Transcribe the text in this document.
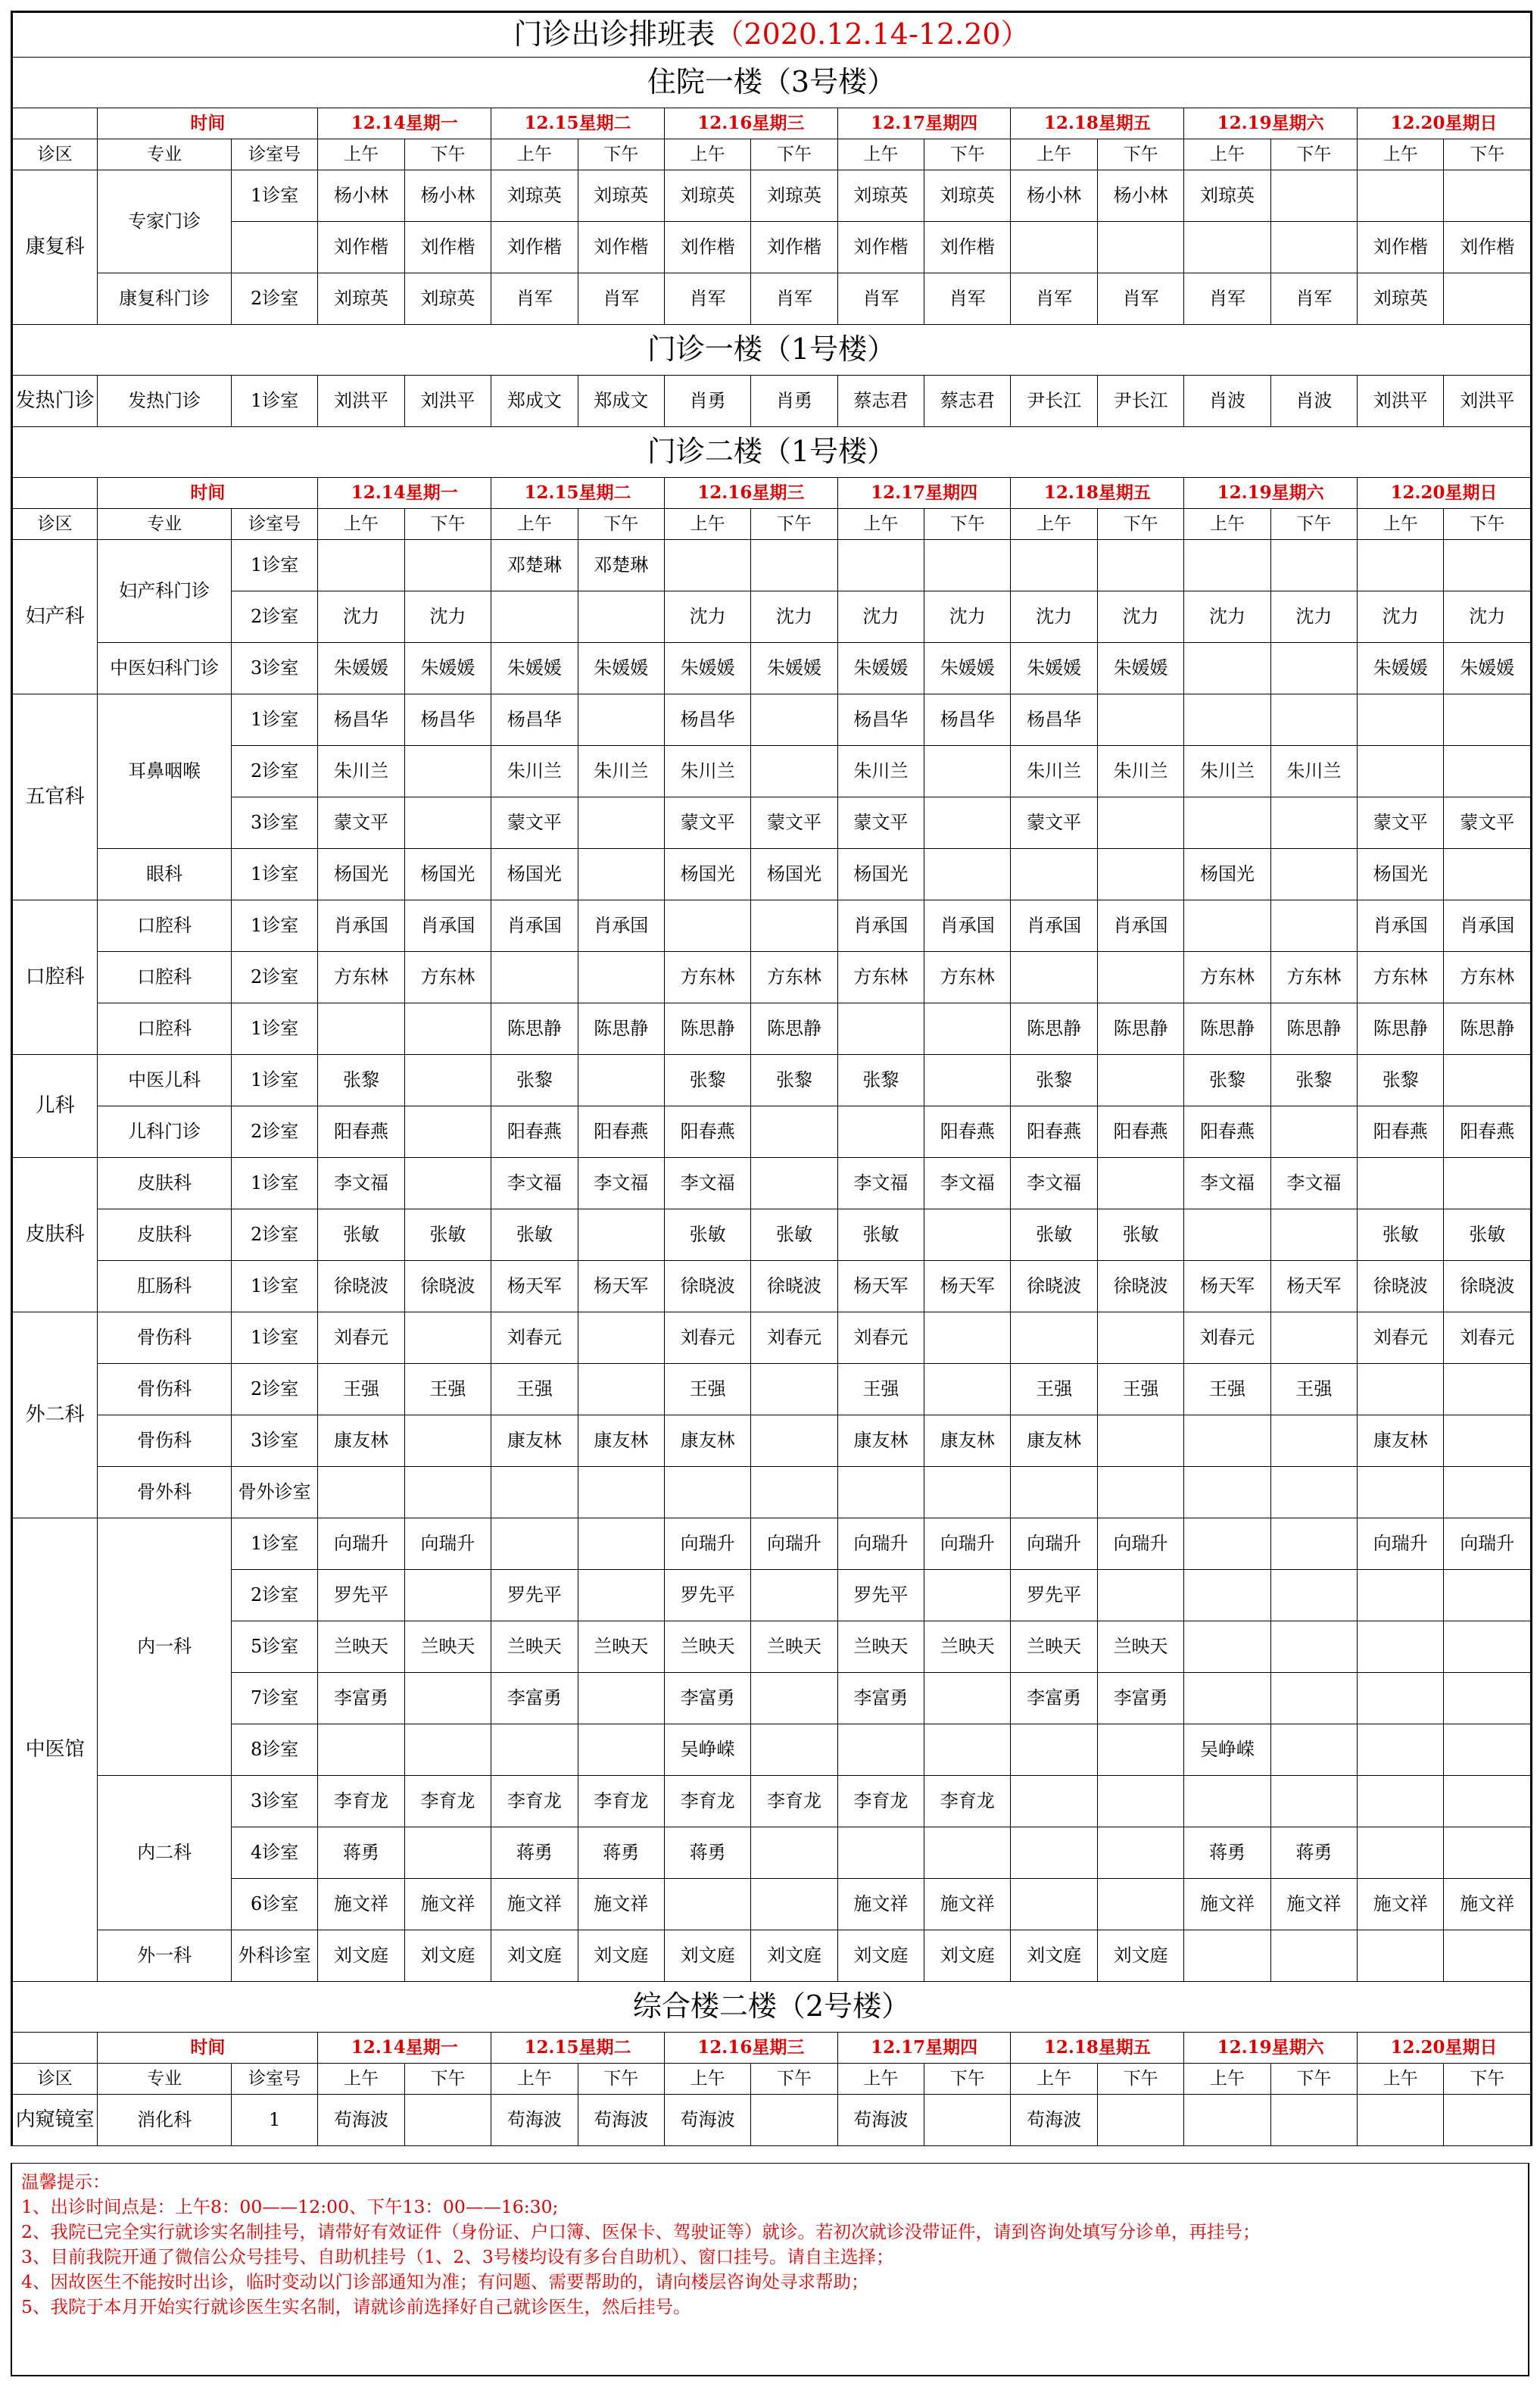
门诊出诊排班表（2020.12.14-12.20）																
住院一楼（3号楼）																
	时间		12.14星期一		12.15星期二		12.16星期三		12.17星期四		12.18星期五		12.19星期六		12.20星期日	
诊区	专业	诊室号	上午	下午	上午	下午	上午	下午	上午	下午	上午	下午	上午	下午	上午	下午
康复科	专家门诊	1诊室	杨小林	杨小林	刘琼英	刘琼英	刘琼英	刘琼英	刘琼英	刘琼英	杨小林	杨小林	刘琼英			
			刘作楷	刘作楷	刘作楷	刘作楷	刘作楷	刘作楷	刘作楷	刘作楷					刘作楷	刘作楷
	康复科门诊	2诊室	刘琼英	刘琼英	肖军	肖军	肖军	肖军	肖军	肖军	肖军	肖军	肖军	肖军	刘琼英	
门诊一楼（1号楼）																
发热门诊	发热门诊	1诊室	刘洪平	刘洪平	郑成文	郑成文	肖勇	肖勇	蔡志君	蔡志君	尹长江	尹长江	肖波	肖波	刘洪平	刘洪平
门诊二楼（1号楼）																
	时间		12.14星期一		12.15星期二		12.16星期三		12.17星期四		12.18星期五		12.19星期六		12.20星期日	
诊区	专业	诊室号	上午	下午	上午	下午	上午	下午	上午	下午	上午	下午	上午	下午	上午	下午
妇产科	妇产科门诊	1诊室			邓楚琳	邓楚琳										
		2诊室	沈力	沈力			沈力	沈力	沈力	沈力	沈力	沈力	沈力	沈力	沈力	沈力
	中医妇科门诊	3诊室	朱媛媛	朱媛媛	朱媛媛	朱媛媛	朱媛媛	朱媛媛	朱媛媛	朱媛媛	朱媛媛	朱媛媛			朱媛媛	朱媛媛
五官科	耳鼻咽喉	1诊室	杨昌华	杨昌华	杨昌华		杨昌华		杨昌华	杨昌华	杨昌华					
		2诊室	朱川兰		朱川兰	朱川兰	朱川兰		朱川兰		朱川兰	朱川兰	朱川兰	朱川兰		
		3诊室	蒙文平		蒙文平		蒙文平	蒙文平	蒙文平		蒙文平				蒙文平	蒙文平
	眼科	1诊室	杨国光	杨国光	杨国光		杨国光	杨国光	杨国光				杨国光		杨国光	
口腔科	口腔科	1诊室	肖承国	肖承国	肖承国	肖承国			肖承国	肖承国	肖承国	肖承国			肖承国	肖承国
	口腔科	2诊室	方东林	方东林			方东林	方东林	方东林	方东林			方东林	方东林	方东林	方东林
	口腔科	1诊室			陈思静	陈思静	陈思静	陈思静			陈思静	陈思静	陈思静	陈思静	陈思静	陈思静
儿科	中医儿科	1诊室	张黎		张黎		张黎	张黎	张黎		张黎		张黎	张黎	张黎	
	儿科门诊	2诊室	阳春燕		阳春燕	阳春燕	阳春燕			阳春燕	阳春燕	阳春燕	阳春燕		阳春燕	阳春燕
皮肤科	皮肤科	1诊室	李文福		李文福	李文福	李文福		李文福	李文福	李文福		李文福	李文福		
	皮肤科	2诊室	张敏	张敏	张敏		张敏	张敏	张敏		张敏	张敏			张敏	张敏
	肛肠科	1诊室	徐晓波	徐晓波	杨天军	杨天军	徐晓波	徐晓波	杨天军	杨天军	徐晓波	徐晓波	杨天军	杨天军	徐晓波	徐晓波
外二科	骨伤科	1诊室	刘春元		刘春元		刘春元	刘春元	刘春元				刘春元		刘春元	刘春元
	骨伤科	2诊室	王强	王强	王强		王强		王强		王强	王强	王强	王强		
	骨伤科	3诊室	康友林		康友林	康友林	康友林		康友林	康友林	康友林				康友林	
	骨外科	骨外诊室														
中医馆	内一科	1诊室	向瑞升	向瑞升			向瑞升	向瑞升	向瑞升	向瑞升	向瑞升	向瑞升			向瑞升	向瑞升
		2诊室	罗先平		罗先平		罗先平		罗先平		罗先平					
		5诊室	兰映天	兰映天	兰映天	兰映天	兰映天	兰映天	兰映天	兰映天	兰映天	兰映天				
		7诊室	李富勇		李富勇		李富勇		李富勇		李富勇	李富勇				
		8诊室					吴峥嵘						吴峥嵘			
	内二科	3诊室	李育龙	李育龙	李育龙	李育龙	李育龙	李育龙	李育龙	李育龙						
		4诊室	蒋勇		蒋勇	蒋勇	蒋勇						蒋勇	蒋勇		
		6诊室	施文祥	施文祥	施文祥	施文祥			施文祥	施文祥			施文祥	施文祥	施文祥	施文祥
	外一科	外科诊室	刘文庭	刘文庭	刘文庭	刘文庭	刘文庭	刘文庭	刘文庭	刘文庭	刘文庭	刘文庭				
综合楼二楼（2号楼）																
	时间		12.14星期一		12.15星期二		12.16星期三		12.17星期四		12.18星期五		12.19星期六		12.20星期日	
诊区	专业	诊室号	上午	下午	上午	下午	上午	下午	上午	下午	上午	下午	上午	下午	上午	下午
内窥镜室	消化科	1	苟海波		苟海波	苟海波	苟海波		苟海波		苟海波					
温馨提示：
1、出诊时间点是：上午8：00——12:00、下午13：00——16:30;
2、我院已完全实行就诊实名制挂号，请带好有效证件（身份证、户口簿、医保卡、驾驶证等）就诊。若初次就诊没带证件，请到咨询处填写分诊单，再挂号；
3、目前我院开通了微信公众号挂号、自助机挂号（1、2、3号楼均设有多台自助机）、窗口挂号。请自主选择；
4、因故医生不能按时出诊，临时变动以门诊部通知为准；有问题、需要帮助的，请向楼层咨询处寻求帮助；
5、我院于本月开始实行就诊医生实名制，请就诊前选择好自己就诊医生，然后挂号。
